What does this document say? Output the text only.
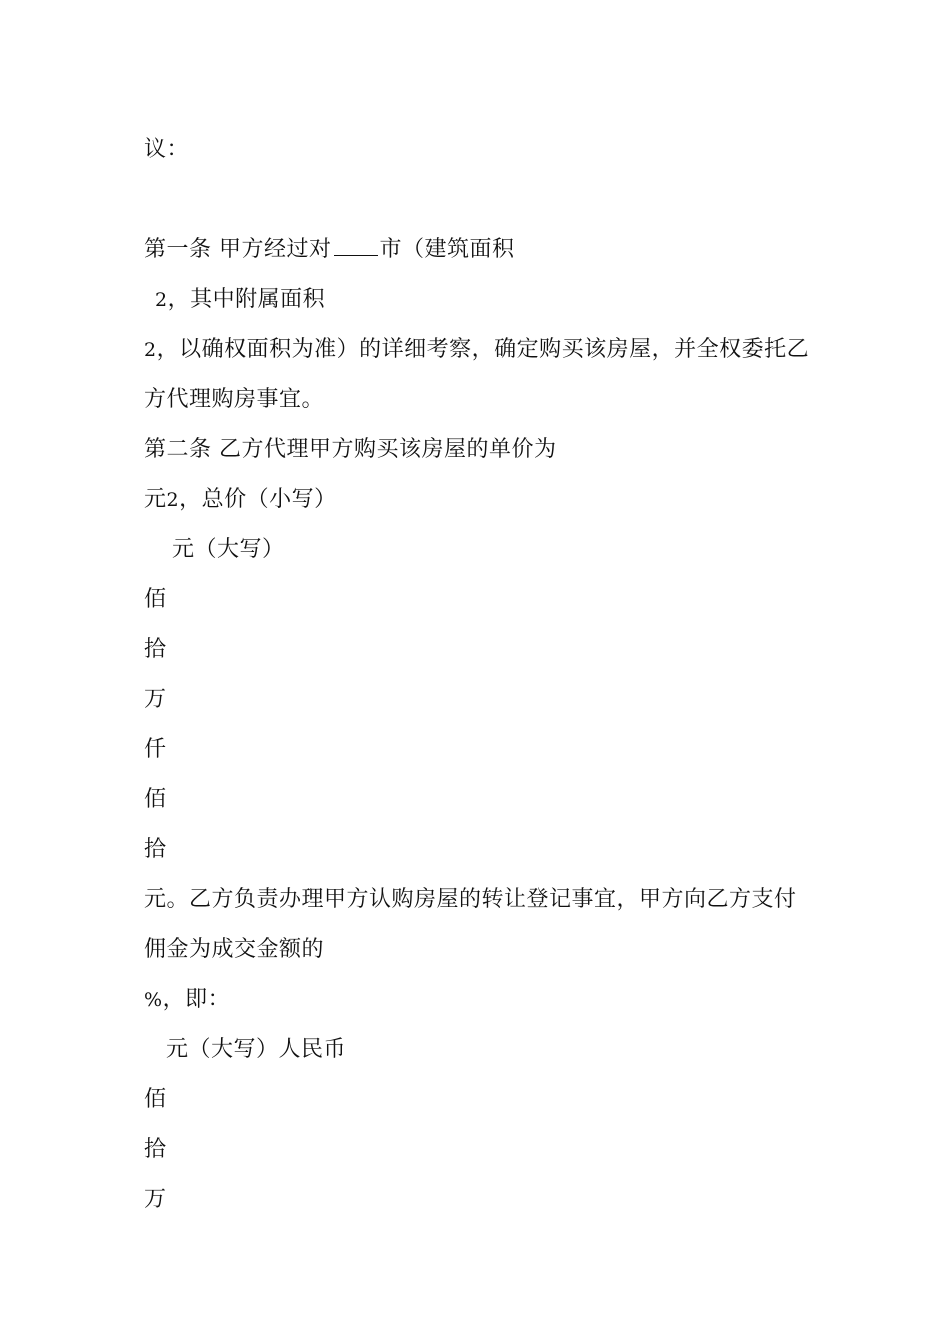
议：
第一条 甲方经过对 市（建筑面积
2，其中附属面积
2，以确权面积为准）的详细考察，确定购买该房屋，并全权委托乙
方代理购房事宜。
第二条 乙方代理甲方购买该房屋的单价为
元2，总价（小写）
元（大写）
佰
拾
万
仟
佰
拾
元。乙方负责办理甲方认购房屋的转让登记事宜，甲方向乙方支付
佣金为成交金额的
%，即：
元（大写）人民币
佰
拾
万
